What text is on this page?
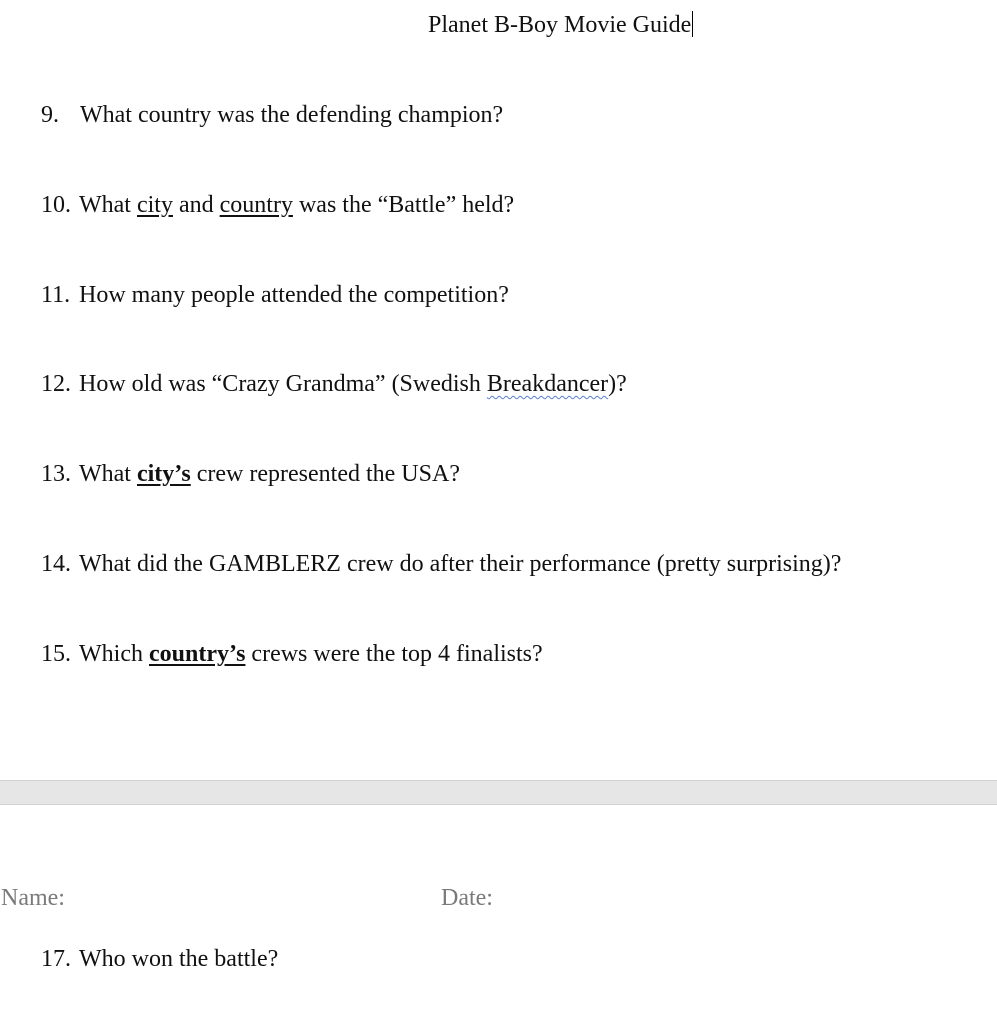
Planet B-Boy Movie Guide
9. What country was the defending champion?
10. What city and country was the “Battle” held?
11. How many people attended the competition?
12. How old was “Crazy Grandma” (Swedish Breakdancer)?
13. What city’s crew represented the USA?
14. What did the GAMBLERZ crew do after their performance (pretty surprising)?
15. Which country’s crews were the top 4 finalists?
Name:	Date:
17. Who won the battle?
